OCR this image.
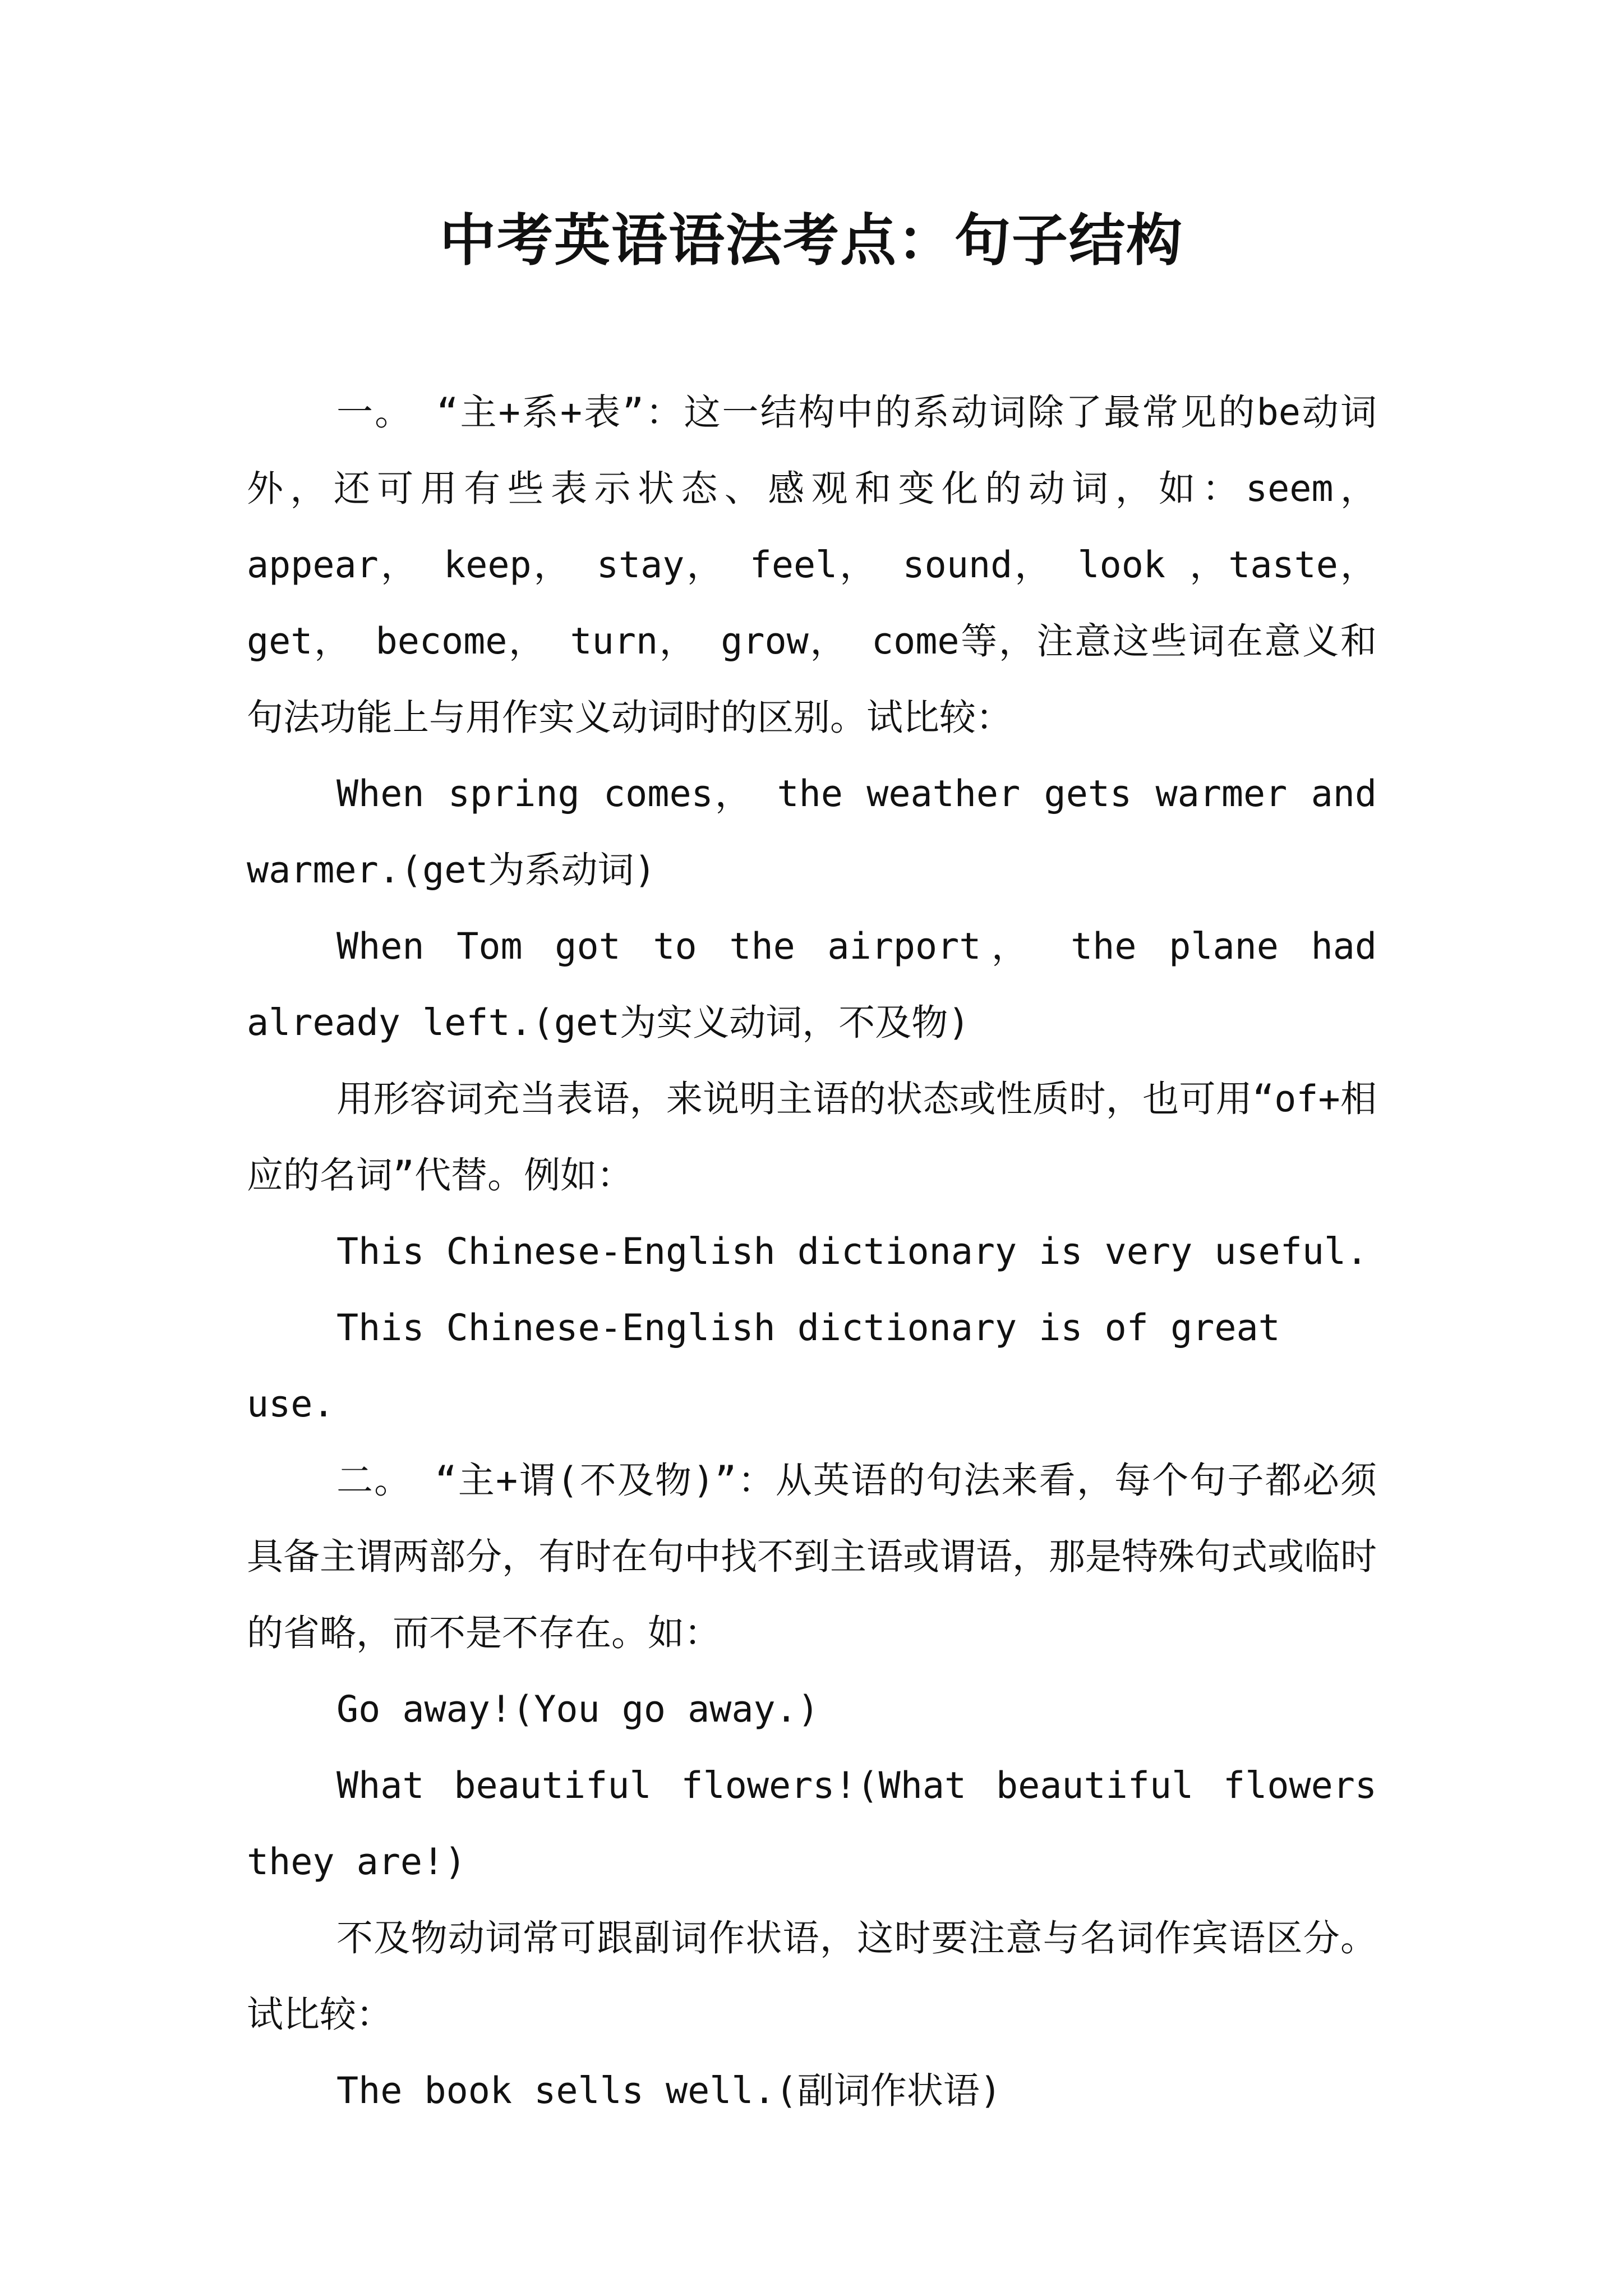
中考英语语法考点：句子结构

一。 “主+系+表”：这一结构中的系动词除了最常见的be动词外，还可用有些表示状态、感观和变化的动词，如：seem， appear， keep， stay， feel， sound， look ，taste， get， become， turn， grow， come等，注意这些词在意义和句法功能上与用作实义动词时的区别。试比较：

When spring comes， the weather gets warmer and warmer.(get为系动词)

When Tom got to the airport， the plane had already left.(get为实义动词，不及物)

用形容词充当表语，来说明主语的状态或性质时，也可用“of+相应的名词”代替。例如：

This Chinese-English dictionary is very useful.

This Chinese-English dictionary is of great use.

二。 “主+谓(不及物)”：从英语的句法来看，每个句子都必须具备主谓两部分，有时在句中找不到主语或谓语，那是特殊句式或临时的省略，而不是不存在。如：

Go away!(You go away.)

What beautiful flowers!(What beautiful flowers they are!)

不及物动词常可跟副词作状语，这时要注意与名词作宾语区分。试比较：

The book sells well.(副词作状语)
